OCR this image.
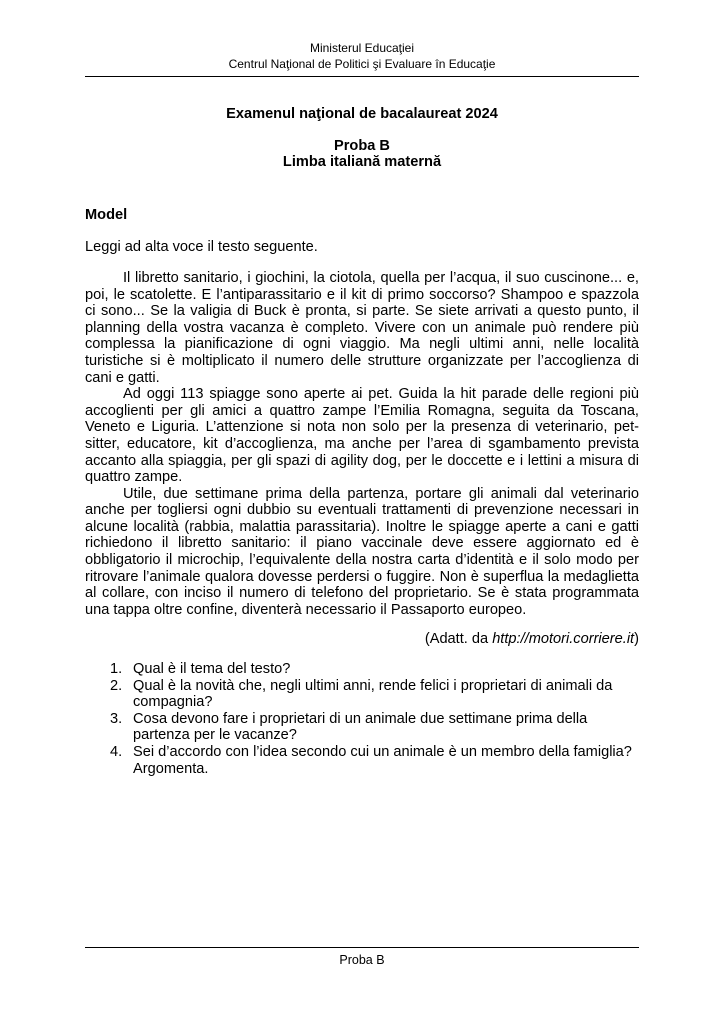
Ministerul Educaţiei
Centrul Naţional de Politici şi Evaluare în Educaţie
Examenul naţional de bacalaureat 2024
Proba B
Limba italiană maternă
Model

Leggi ad alta voce il testo seguente.

Il libretto sanitario, i giochini, la ciotola, quella per l’acqua, il suo cuscinone... e, poi, le scatolette. E l’antiparassitario e il kit di primo soccorso? Shampoo e spazzola ci sono... Se la valigia di Buck è pronta, si parte. Se siete arrivati a questo punto, il planning della vostra vacanza è completo. Vivere con un animale può rendere più complessa la pianificazione di ogni viaggio. Ma negli ultimi anni, nelle località turistiche si è moltiplicato il numero delle strutture organizzate per l’accoglienza di cani e gatti.

Ad oggi 113 spiagge sono aperte ai pet. Guida la hit parade delle regioni più accoglienti per gli amici a quattro zampe l’Emilia Romagna, seguita da Toscana, Veneto e Liguria. L’attenzione si nota non solo per la presenza di veterinario, pet-sitter, educatore, kit d’accoglienza, ma anche per l’area di sgambamento prevista accanto alla spiaggia, per gli spazi di agility dog, per le doccette e i lettini a misura di quattro zampe.

Utile, due settimane prima della partenza, portare gli animali dal veterinario anche per togliersi ogni dubbio su eventuali trattamenti di prevenzione necessari in alcune località (rabbia, malattia parassitaria). Inoltre le spiagge aperte a cani e gatti richiedono il libretto sanitario: il piano vaccinale deve essere aggiornato ed è obbligatorio il microchip, l’equivalente della nostra carta d’identità e il solo modo per ritrovare l’animale qualora dovesse perdersi o fuggire. Non è superflua la medaglietta al collare, con inciso il numero di telefono del proprietario. Se è stata programmata una tappa oltre confine, diventerà necessario il Passaporto europeo.

(Adatt. da http://motori.corriere.it)

1. Qual è il tema del testo?
2. Qual è la novità che, negli ultimi anni, rende felici i proprietari di animali da compagnia?
3. Cosa devono fare i proprietari di un animale due settimane prima della partenza per le vacanze?
4. Sei d’accordo con l’idea secondo cui un animale è un membro della famiglia? Argomenta.
Proba B
